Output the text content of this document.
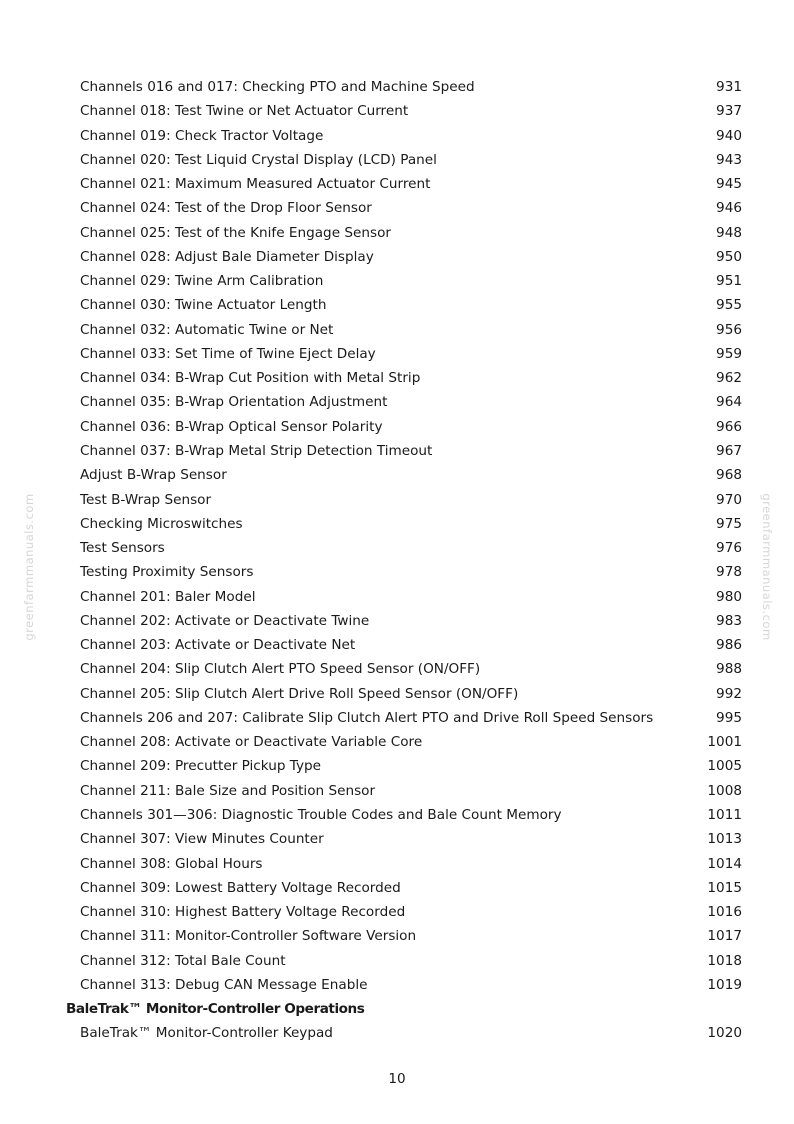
Channels 016 and 017: Checking PTO and Machine Speed	931
Channel 018: Test Twine or Net Actuator Current	937
Channel 019: Check Tractor Voltage	940
Channel 020: Test Liquid Crystal Display (LCD) Panel	943
Channel 021: Maximum Measured Actuator Current	945
Channel 024: Test of the Drop Floor Sensor	946
Channel 025: Test of the Knife Engage Sensor	948
Channel 028: Adjust Bale Diameter Display	950
Channel 029: Twine Arm Calibration	951
Channel 030: Twine Actuator Length	955
Channel 032: Automatic Twine or Net	956
Channel 033: Set Time of Twine Eject Delay	959
Channel 034: B-Wrap Cut Position with Metal Strip	962
Channel 035: B-Wrap Orientation Adjustment	964
Channel 036: B-Wrap Optical Sensor Polarity	966
Channel 037: B-Wrap Metal Strip Detection Timeout	967
Adjust B-Wrap Sensor	968
Test B-Wrap Sensor	970
Checking Microswitches	975
Test Sensors	976
Testing Proximity Sensors	978
Channel 201: Baler Model	980
Channel 202: Activate or Deactivate Twine	983
Channel 203: Activate or Deactivate Net	986
Channel 204: Slip Clutch Alert PTO Speed Sensor (ON/OFF)	988
Channel 205: Slip Clutch Alert Drive Roll Speed Sensor (ON/OFF)	992
Channels 206 and 207: Calibrate Slip Clutch Alert PTO and Drive Roll Speed Sensors	995
Channel 208: Activate or Deactivate Variable Core	1001
Channel 209: Precutter Pickup Type	1005
Channel 211: Bale Size and Position Sensor	1008
Channels 301—306: Diagnostic Trouble Codes and Bale Count Memory	1011
Channel 307: View Minutes Counter	1013
Channel 308: Global Hours	1014
Channel 309: Lowest Battery Voltage Recorded	1015
Channel 310: Highest Battery Voltage Recorded	1016
Channel 311: Monitor-Controller Software Version	1017
Channel 312: Total Bale Count	1018
Channel 313: Debug CAN Message Enable	1019
BaleTrak™ Monitor-Controller Operations
BaleTrak™ Monitor-Controller Keypad	1020
10
greenfarmmanuals.com	greenfarmmanuals.com
